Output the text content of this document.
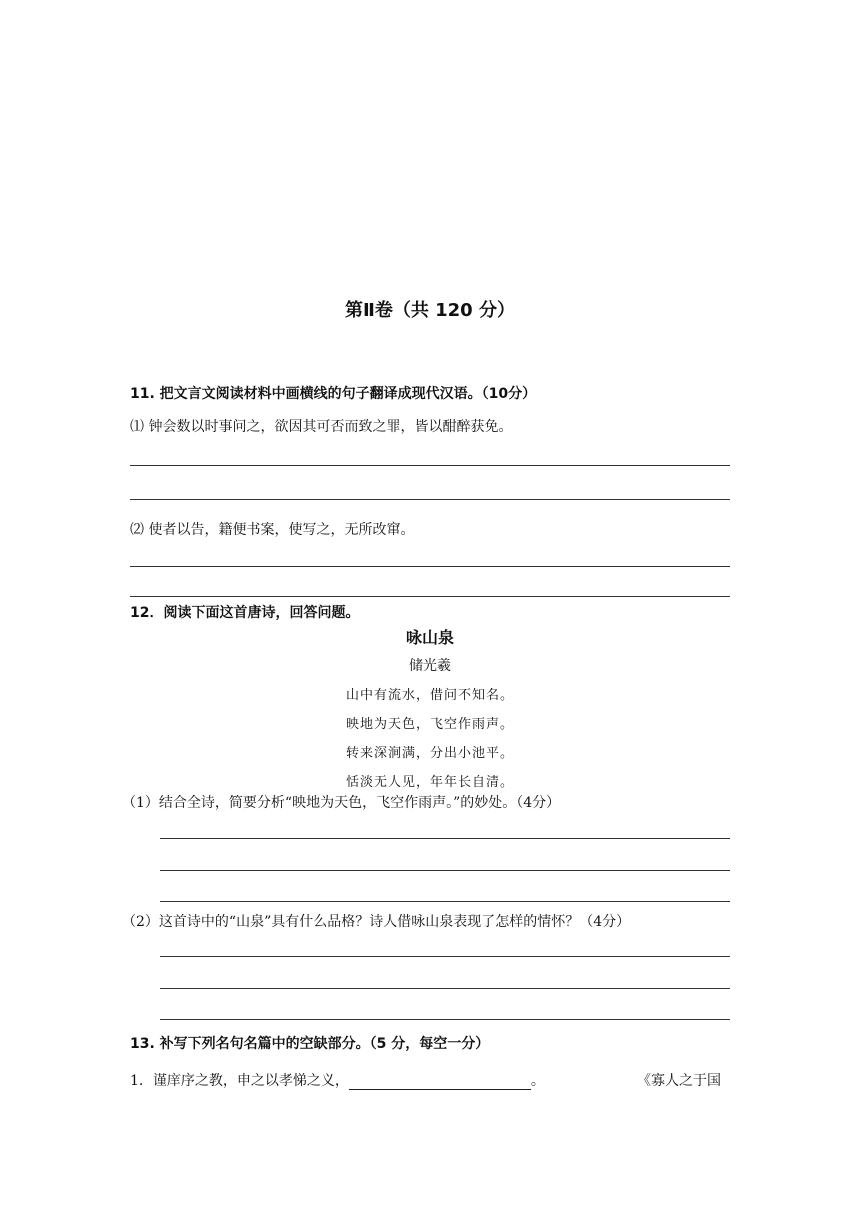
第Ⅱ卷（共 120 分）
11. 把文言文阅读材料中画横线的句子翻译成现代汉语。（10分）
⑴ 钟会数以时事问之，欲因其可否而致之罪，皆以酣醉获免。
⑵ 使者以告，籍便书案，使写之，无所改窜。
12．阅读下面这首唐诗，回答问题。
咏山泉
储光羲
山中有流水，借问不知名。
映地为天色，飞空作雨声。
转来深涧满，分出小池平。
恬淡无人见，年年长自清。
（1）结合全诗，简要分析“映地为天色，飞空作雨声。”的妙处。（4分）
（2）这首诗中的“山泉”具有什么品格？诗人借咏山泉表现了怎样的情怀？（4分）
13. 补写下列名句名篇中的空缺部分。（5 分，每空一分）
1．谨庠序之教，申之以孝悌之义，	。	《寡人之于国
